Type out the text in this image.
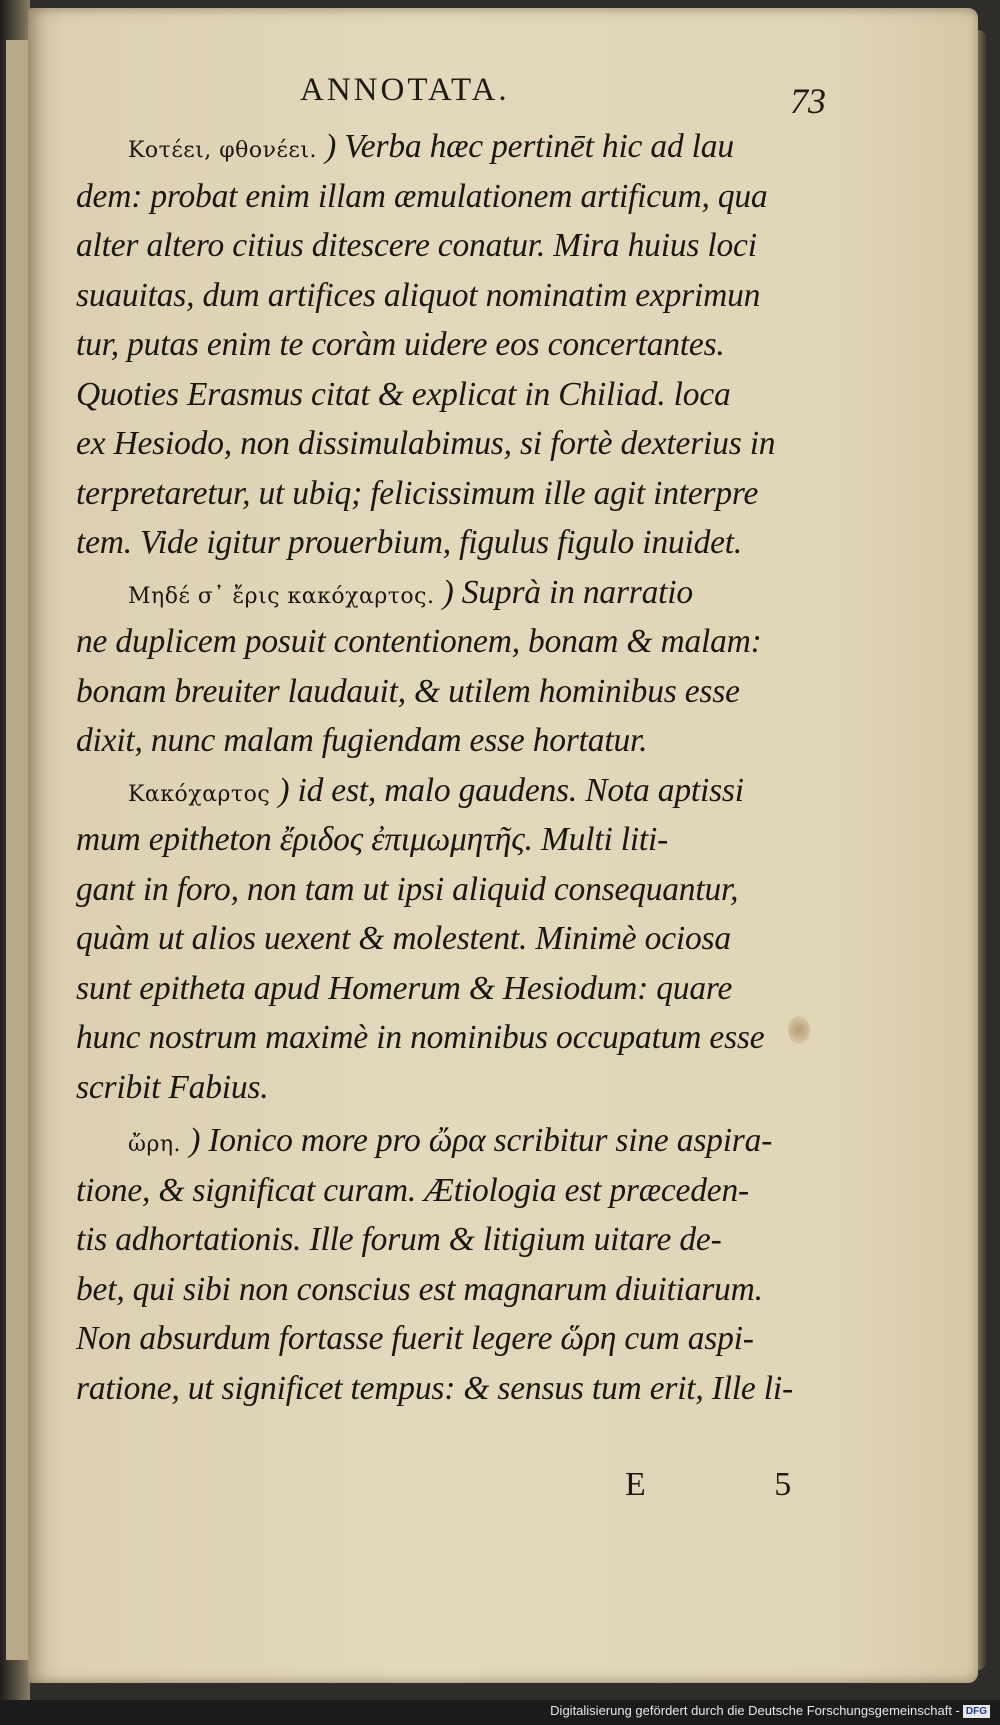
ANNOTATA.	73
Κοτέει, φθονέει. ) Verba hæc pertinēt hic ad lau
dem: probat enim illam æmulationem artificum, qua
alter altero citius ditescere conatur. Mira huius loci
suauitas, dum artifices aliquot nominatim exprimun
tur, putas enim te coràm uidere eos concertantes.
Quoties Erasmus citat & explicat in Chiliad. loca
ex Hesiodo, non dissimulabimus, si fortè dexterius in
terpretaretur, ut ubiq; felicissimum ille agit interpre
tem. Vide igitur prouerbium, figulus figulo inuidet.
Μηδέ σ᾽ ἔρις κακόχαρτος. ) Suprà in narratio
ne duplicem posuit contentionem, bonam & malam:
bonam breuiter laudauit, & utilem hominibus esse
dixit, nunc malam fugiendam esse hortatur.
Κακόχαρτος ) id est, malo gaudens. Nota aptissi
mum epitheton ἔριδος ἐπιμωμητῆς. Multi liti-
gant in foro, non tam ut ipsi aliquid consequantur,
quàm ut alios uexent & molestent. Minimè ociosa
sunt epitheta apud Homerum & Hesiodum: quare
hunc nostrum maximè in nominibus occupatum esse
scribit Fabius.
ὤρη. ) Ionico more pro ὤρα scribitur sine aspira-
tione, & significat curam. Ætiologia est præceden-
tis adhortationis. Ille forum & litigium uitare de-
bet, qui sibi non conscius est magnarum diuitiarum.
Non absurdum fortasse fuerit legere ὥρη cum aspi-
ratione, ut significet tempus: & sensus tum erit, Ille li-
E 5
Digitalisierung gefördert durch die Deutsche Forschungsgemeinschaft - DFG
